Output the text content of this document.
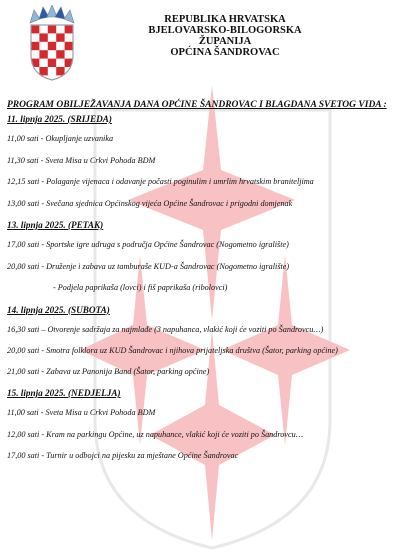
REPUBLIKA HRVATSKA
BJELOVARSKO-BILOGORSKA
ŽUPANIJA
OPĆINA ŠANDROVAC
PROGRAM OBILJEŽAVANJA DANA OPĆINE ŠANDROVAC I BLAGDANA SVETOG VIDA :
11. lipnja 2025. (SRIJEDA)
11,00 sati - Okupljanje uzvanika
11,30 sati - Sveta Misa u Crkvi Pohoda BDM
12,15 sati - Polaganje vijenaca i odavanje počasti poginulim i umrlim hrvatskim braniteljima
13,00 sati - Svečana sjednica Općinskog vijeća Općine Šandrovac i prigodni domjenak
13. lipnja 2025. (PETAK)
17,00 sati - Sportske igre udruga s područja Općine Šandrovac (Nogometno igralište)
20,00 sati - Druženje i zabava uz tamburaše KUD-a Šandrovac (Nogometno igralište)
- Podjela paprikaša (lovci) i fiš paprikaša (ribolovci)
14. lipnja 2025. (SUBOTA)
16,30 sati – Otvorenje sadržaja za najmlađe (3 napuhanca, vlakić koji će voziti po Šandrovcu…)
20,00 sati - Smotra folklora uz KUD Šandrovac i njihova prijateljska društva (Šator, parking općine)
21,00 sati - Zabava uz Panonija Band (Šator, parking općine)
15. lipnja 2025. (NEDJELJA)
11,00 sati - Sveta Misa u Crkvi Pohoda BDM
12,00 sati - Kram na parkingu Općine, uz napuhance, vlakić koji će voziti po Šandrovcu…
17,00 sati - Turnir u odbojci na pijesku za mještane Općine Šandrovac
